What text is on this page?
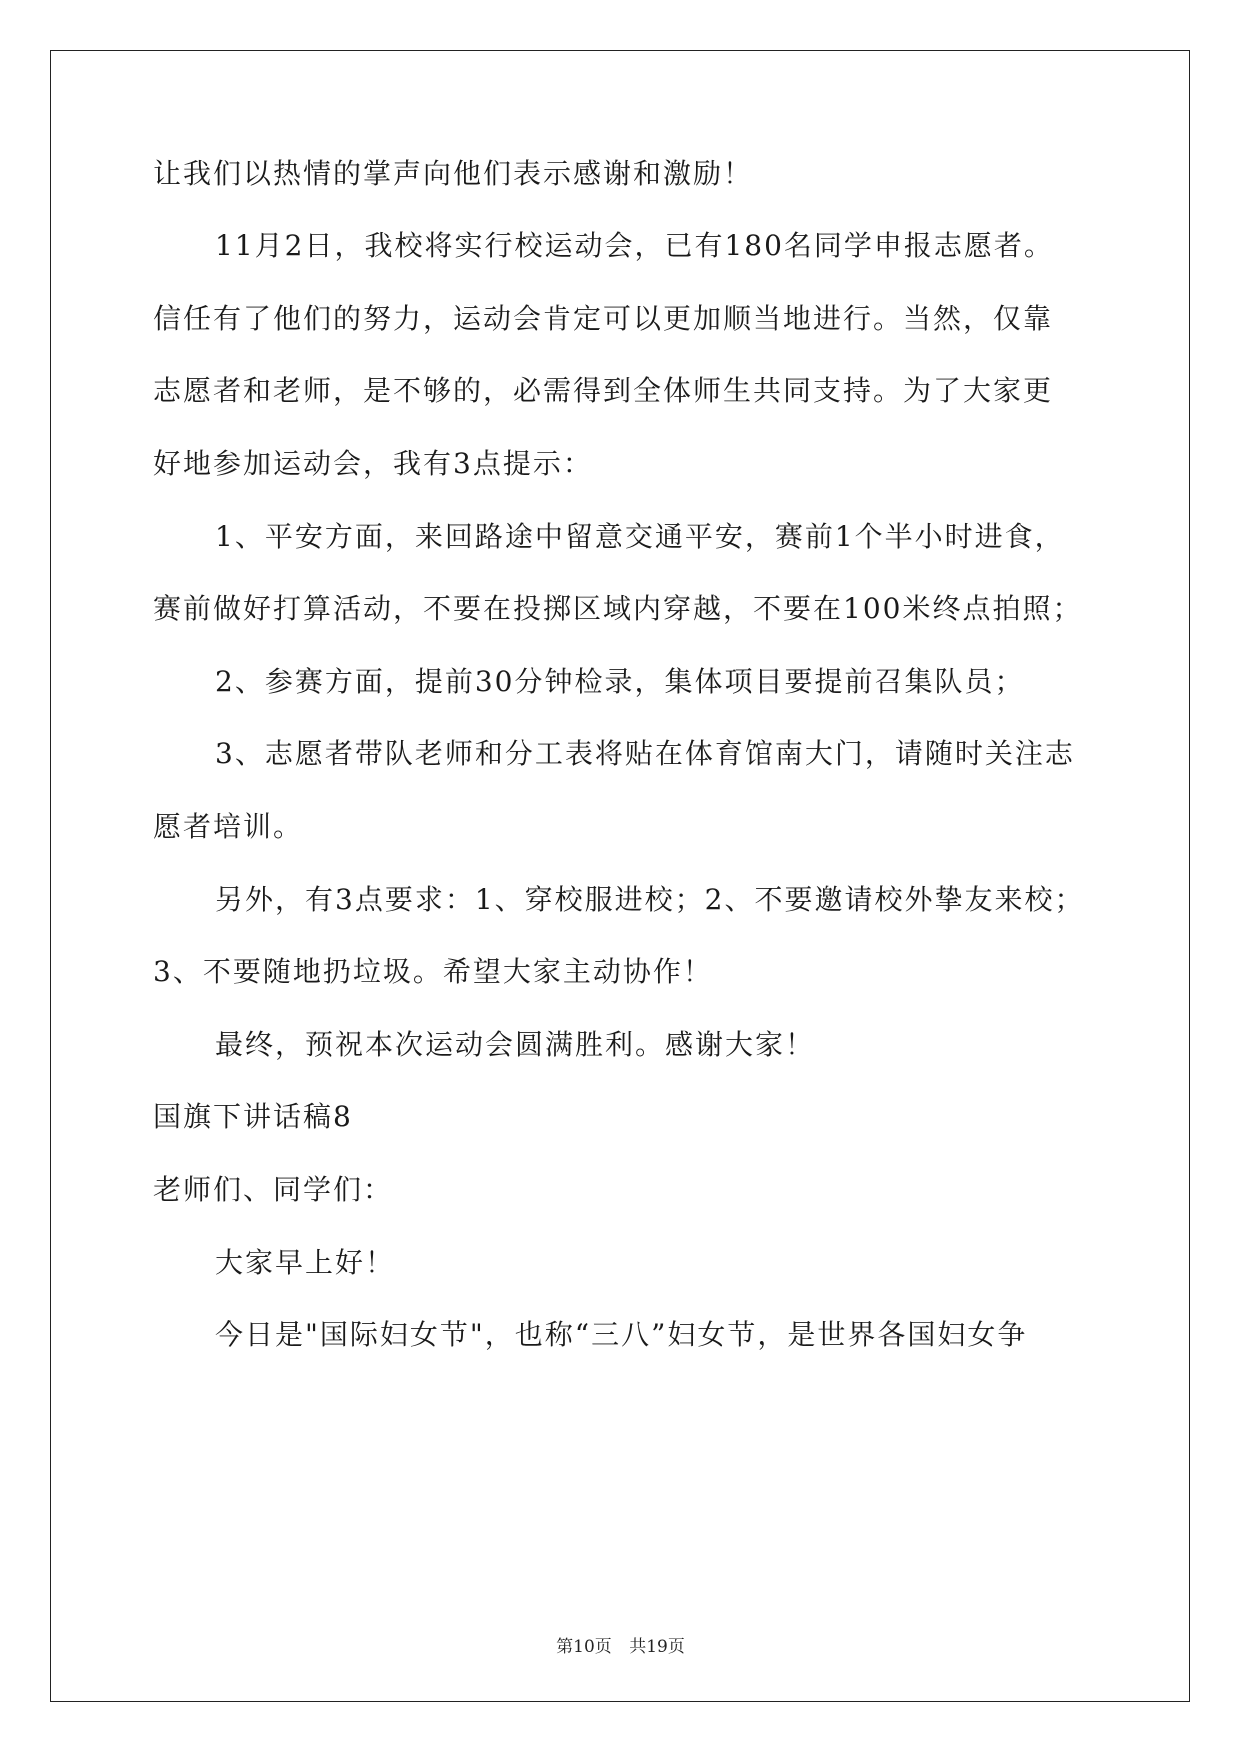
让我们以热情的掌声向他们表示感谢和激励！
11月2日，我校将实行校运动会，已有180名同学申报志愿者。
信任有了他们的努力，运动会肯定可以更加顺当地进行。当然，仅靠
志愿者和老师，是不够的，必需得到全体师生共同支持。为了大家更
好地参加运动会，我有3点提示：
1、平安方面，来回路途中留意交通平安，赛前1个半小时进食，
赛前做好打算活动，不要在投掷区域内穿越，不要在100米终点拍照；
2、参赛方面，提前30分钟检录，集体项目要提前召集队员；
3、志愿者带队老师和分工表将贴在体育馆南大门，请随时关注志
愿者培训。
另外，有3点要求：1、穿校服进校；2、不要邀请校外挚友来校；
3、不要随地扔垃圾。希望大家主动协作！
最终，预祝本次运动会圆满胜利。感谢大家！
国旗下讲话稿8
老师们、同学们：
大家早上好！
今日是"国际妇女节"，也称“三八”妇女节，是世界各国妇女争
第10页 共19页
